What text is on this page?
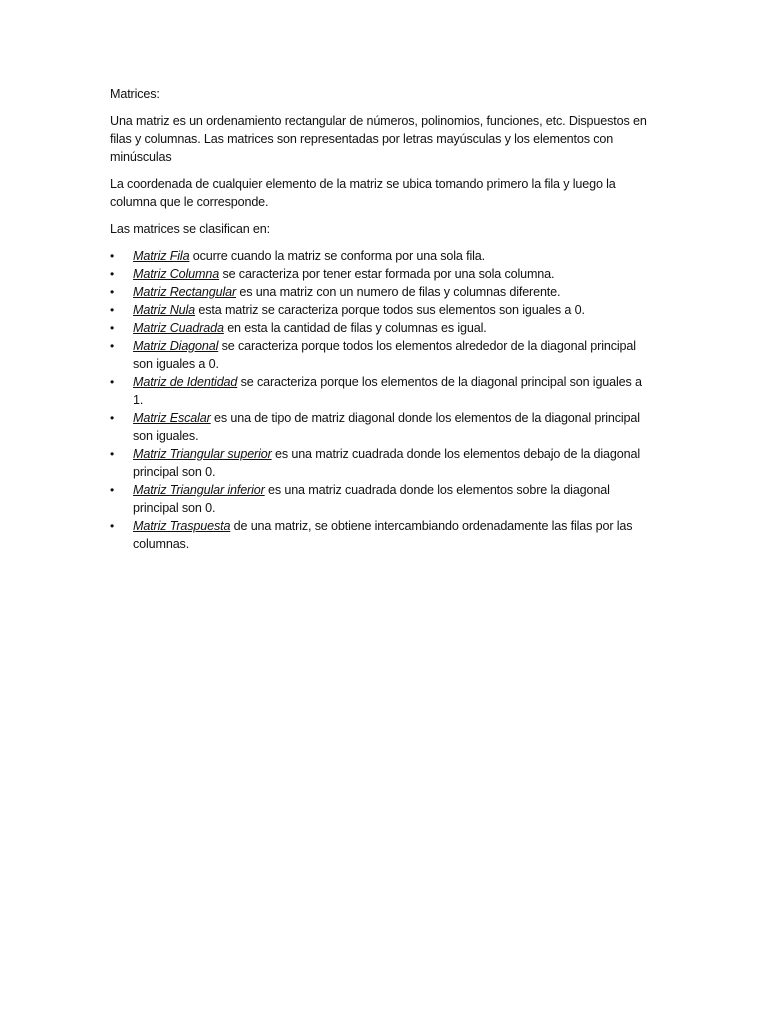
Matrices:

Una matriz es un ordenamiento rectangular de números, polinomios, funciones, etc. Dispuestos en filas y columnas. Las matrices son representadas por letras mayúsculas y los elementos con minúsculas

La coordenada de cualquier elemento de la matriz se ubica tomando primero la fila y luego la columna que le corresponde.

Las matrices se clasifican en:

• Matriz Fila ocurre cuando la matriz se conforma por una sola fila.
• Matriz Columna se caracteriza por tener estar formada por una sola columna.
• Matriz Rectangular es una matriz con un numero de filas y columnas diferente.
• Matriz Nula esta matriz se caracteriza porque todos sus elementos son iguales a 0.
• Matriz Cuadrada en esta la cantidad de filas y columnas es igual.
• Matriz Diagonal se caracteriza porque todos los elementos alrededor de la diagonal principal son iguales a 0.
• Matriz de Identidad se caracteriza porque los elementos de la diagonal principal son iguales a 1.
• Matriz Escalar es una de tipo de matriz diagonal donde los elementos de la diagonal principal son iguales.
• Matriz Triangular superior es una matriz cuadrada donde los elementos debajo de la diagonal principal son 0.
• Matriz Triangular inferior es una matriz cuadrada donde los elementos sobre la diagonal principal son 0.
• Matriz Traspuesta de una matriz, se obtiene intercambiando ordenadamente las filas por las columnas.
